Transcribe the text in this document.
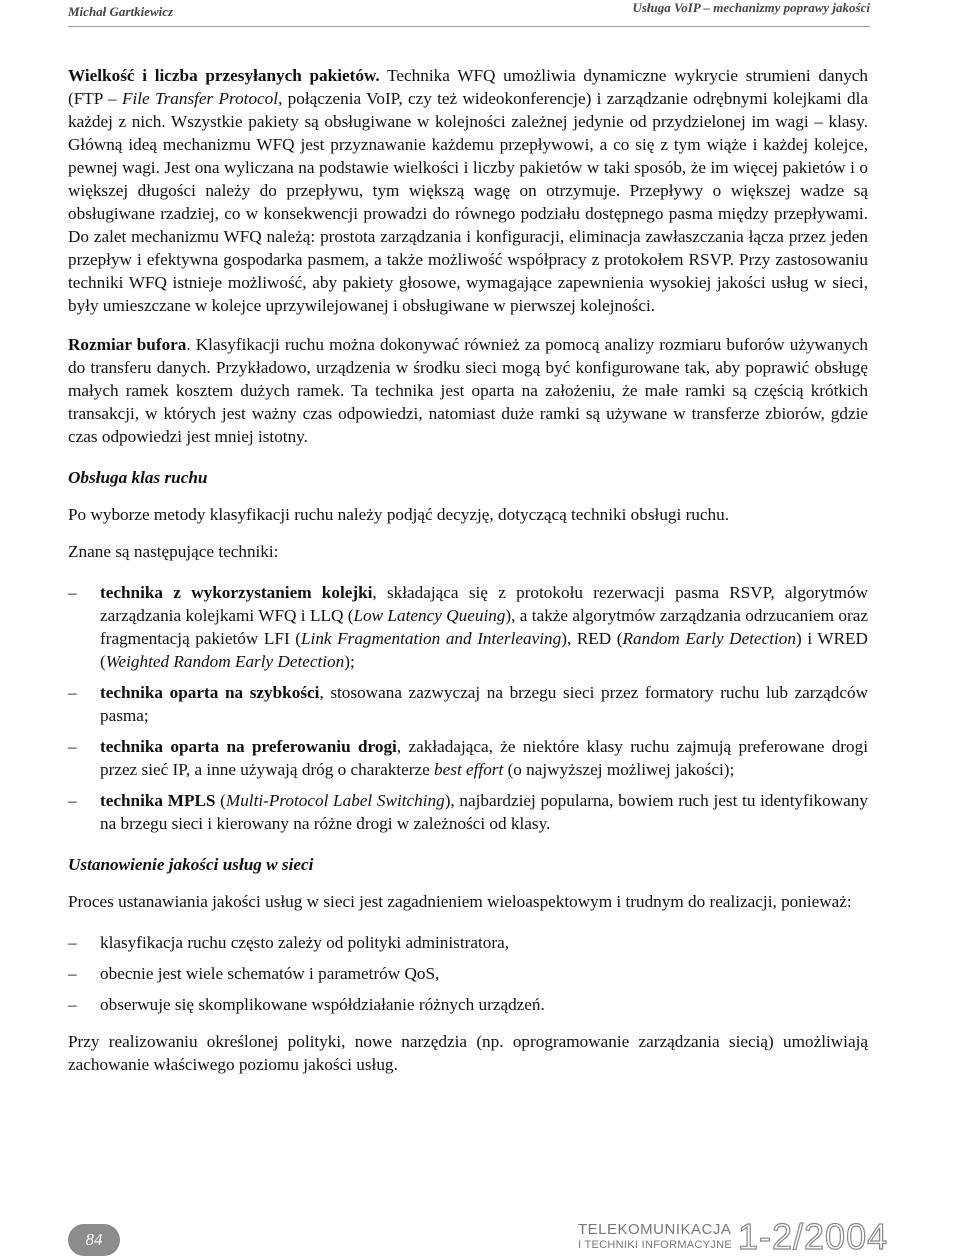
Michał Gartkiewicz	Usługa VoIP – mechanizmy poprawy jakości

Wielkość i liczba przesyłanych pakietów. Technika WFQ umożliwia dynamiczne wykrycie strumieni danych (FTP – File Transfer Protocol, połączenia VoIP, czy też wideokonferencje) i zarządzanie odrębnymi kolejkami dla każdej z nich. Wszystkie pakiety są obsługiwane w kolejności zależnej jedynie od przydzielonej im wagi – klasy. Główną ideą mechanizmu WFQ jest przyznawanie każdemu przepływowi, a co się z tym wiąże i każdej kolejce, pewnej wagi. Jest ona wyliczana na podstawie wielkości i liczby pakietów w taki sposób, że im więcej pakietów i o większej długości należy do przepływu, tym większą wagę on otrzymuje. Przepływy o większej wadze są obsługiwane rzadziej, co w konsekwencji prowadzi do równego podziału dostępnego pasma między przepływami. Do zalet mechanizmu WFQ należą: prostota zarządzania i konfiguracji, eliminacja zawłaszczania łącza przez jeden przepływ i efektywna gospodarka pasmem, a także możliwość współpracy z protokołem RSVP. Przy zastosowaniu techniki WFQ istnieje możliwość, aby pakiety głosowe, wymagające zapewnienia wysokiej jakości usług w sieci, były umieszczane w kolejce uprzywilejowanej i obsługiwane w pierwszej kolejności.

Rozmiar bufora. Klasyfikacji ruchu można dokonywać również za pomocą analizy rozmiaru buforów używanych do transferu danych. Przykładowo, urządzenia w środku sieci mogą być konfigurowane tak, aby poprawić obsługę małych ramek kosztem dużych ramek. Ta technika jest oparta na założeniu, że małe ramki są częścią krótkich transakcji, w których jest ważny czas odpowiedzi, natomiast duże ramki są używane w transferze zbiorów, gdzie czas odpowiedzi jest mniej istotny.

Obsługa klas ruchu

Po wyborze metody klasyfikacji ruchu należy podjąć decyzję, dotyczącą techniki obsługi ruchu.

Znane są następujące techniki:

– technika z wykorzystaniem kolejki, składająca się z protokołu rezerwacji pasma RSVP, algorytmów zarządzania kolejkami WFQ i LLQ (Low Latency Queuing), a także algorytmów zarządzania odrzucaniem oraz fragmentacją pakietów LFI (Link Fragmentation and Interleaving), RED (Random Early Detection) i WRED (Weighted Random Early Detection);
– technika oparta na szybkości, stosowana zazwyczaj na brzegu sieci przez formatory ruchu lub zarządców pasma;
– technika oparta na preferowaniu drogi, zakładająca, że niektóre klasy ruchu zajmują preferowane drogi przez sieć IP, a inne używają dróg o charakterze best effort (o najwyższej możliwej jakości);
– technika MPLS (Multi-Protocol Label Switching), najbardziej popularna, bowiem ruch jest tu identyfikowany na brzegu sieci i kierowany na różne drogi w zależności od klasy.
Ustanowienie jakości usług w sieci

Proces ustanawiania jakości usług w sieci jest zagadnieniem wieloaspektowym i trudnym do realizacji, ponieważ:

– klasyfikacja ruchu często zależy od polityki administratora,
– obecnie jest wiele schematów i parametrów QoS,
– obserwuje się skomplikowane współdziałanie różnych urządzeń.

Przy realizowaniu określonej polityki, nowe narzędzia (np. oprogramowanie zarządzania siecią) umożliwiają zachowanie właściwego poziomu jakości usług.

84
TELEKOMUNIKACJA
I TECHNIKI INFORMACYJNE 1-2/2004
